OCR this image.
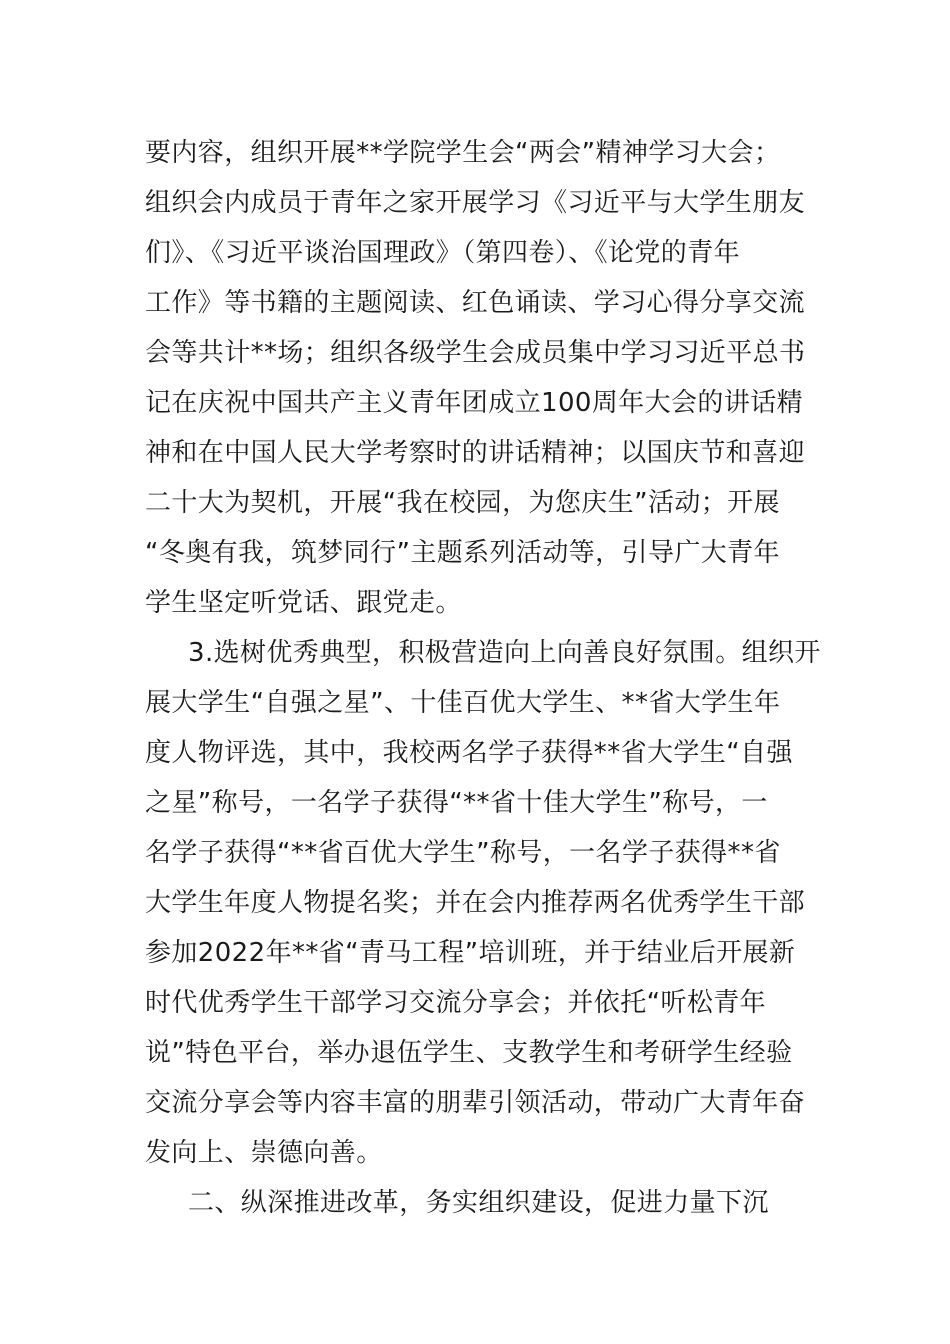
要内容，组织开展**学院学生会“两会”精神学习大会；
组织会内成员于青年之家开展学习《习近平与大学生朋友
们》、《习近平谈治国理政》（第四卷）、《论党的青年
工作》等书籍的主题阅读、红色诵读、学习心得分享交流
会等共计**场；组织各级学生会成员集中学习习近平总书
记在庆祝中国共产主义青年团成立100周年大会的讲话精
神和在中国人民大学考察时的讲话精神；以国庆节和喜迎
二十大为契机，开展“我在校园，为您庆生”活动；开展
“冬奥有我，筑梦同行”主题系列活动等，引导广大青年
学生坚定听党话、跟党走。
3.选树优秀典型，积极营造向上向善良好氛围。组织开
展大学生“自强之星”、十佳百优大学生、**省大学生年
度人物评选，其中，我校两名学子获得**省大学生“自强
之星”称号，一名学子获得“**省十佳大学生”称号，一
名学子获得“**省百优大学生”称号，一名学子获得**省
大学生年度人物提名奖；并在会内推荐两名优秀学生干部
参加2022年**省“青马工程”培训班，并于结业后开展新
时代优秀学生干部学习交流分享会；并依托“听松青年
说”特色平台，举办退伍学生、支教学生和考研学生经验
交流分享会等内容丰富的朋辈引领活动，带动广大青年奋
发向上、崇德向善。
二、纵深推进改革，务实组织建设，促进力量下沉
